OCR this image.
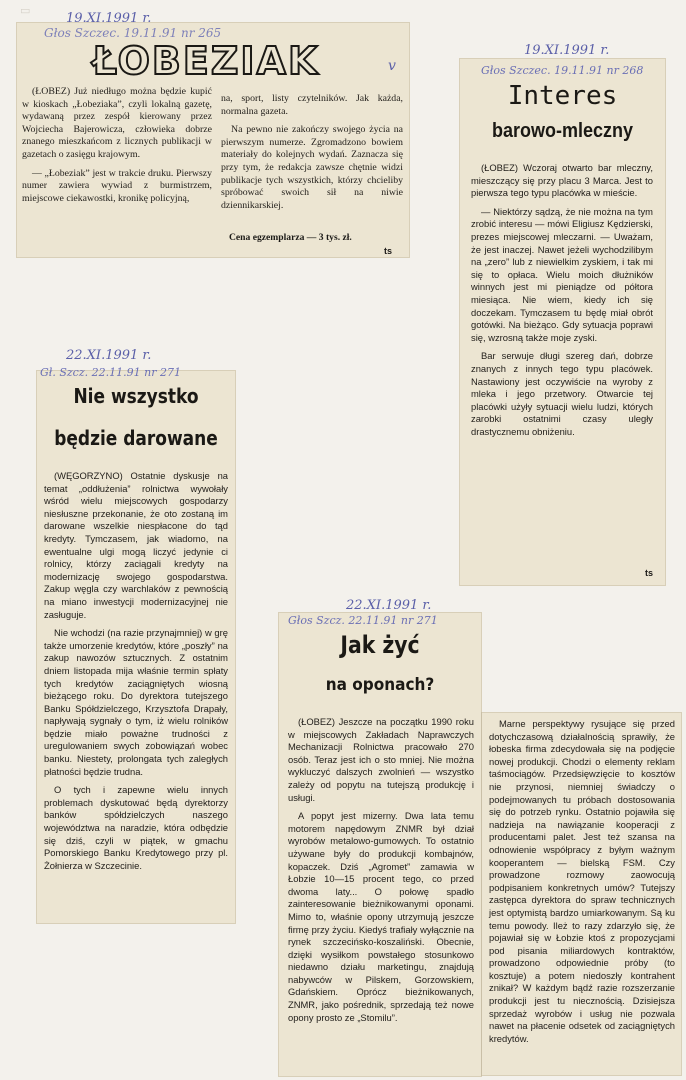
▭
19.XI.1991 r.
Głos Szczec. 19.11.91 nr 265
ŁOBEZIAK	v

(ŁOBEZ) Już niedługo można będzie kupić w kioskach „Łobeziaka”, czyli lokalną gazetę, wydawaną przez zespół kierowany przez Wojciecha Bajerowicza, człowieka dobrze znanego mieszkańcom z licznych publikacji w gazetach o zasięgu krajowym.

— „Łobeziak” jest w trakcie druku. Pierwszy numer zawiera wywiad z burmistrzem, miejscowe ciekawostki, kronikę policyjną,

na, sport, listy czytelników. Jak każda, normalna gazeta.

Na pewno nie zakończy swojego życia na pierwszym numerze. Zgromadzono bowiem materiały do kolejnych wydań. Zaznacza się przy tym, że redakcja zawsze chętnie widzi publikacje tych wszystkich, którzy chcieliby spróbować swoich sił na niwie dziennikarskiej.

Cena egzemplarza — 3 tys. zł.
ts
19.XI.1991 r.
Głos Szczec. 19.11.91 nr 268
Interes
barowo-mleczny

(ŁOBEZ) Wczoraj otwarto bar mleczny, mieszczący się przy placu 3 Marca. Jest to pierwsza tego typu placówka w mieście.

— Niektórzy sądzą, że nie można na tym zrobić interesu — mówi Eligiusz Kędzierski, prezes miejscowej mleczarni. — Uważam, że jest inaczej. Nawet jeżeli wychodzilibym na „zero” lub z niewielkim zyskiem, i tak mi się to opłaca. Wielu moich dłużników winnych jest mi pieniądze od półtora miesiąca. Nie wiem, kiedy ich się doczekam. Tymczasem tu będę miał obrót gotówki. Na bieżąco. Gdy sytuacja poprawi się, wzrosną także moje zyski.

Bar serwuje długi szereg dań, dobrze znanych z innych tego typu placówek. Nastawiony jest oczywiście na wyroby z mleka i jego przetwory. Otwarcie tej placówki użyły sytuacji wielu ludzi, których zarobki ostatnimi czasy uległy drastycznemu obniżeniu.

ts
22.XI.1991 r.
Gł. Szcz. 22.11.91 nr 271
Nie wszystko
będzie darowane

(WĘGORZYNO) Ostatnie dyskusje na temat „oddłużenia” rolnictwa wywołały wśród wielu miejscowych gospodarzy niesłuszne przekonanie, że oto zostaną im darowane wszelkie niespłacone do tąd kredyty. Tymczasem, jak wiadomo, na ewentualne ulgi mogą liczyć jedynie ci rolnicy, którzy zaciągali kredyty na modernizację swojego gospodarstwa. Zakup węgla czy warchlaków z pewnością na miano inwestycji modernizacyjnej nie zasługuje.

Nie wchodzi (na razie przynajmniej) w grę także umorzenie kredytów, które „poszły” na zakup nawozów sztucznych. Z ostatnim dniem listopada mija właśnie termin spłaty tych kredytów zaciągniętych wiosną bieżącego roku. Do dyrektora tutejszego Banku Spółdzielczego, Krzysztofa Drapały, napływają sygnały o tym, iż wielu rolników będzie miało poważne trudności z uregulowaniem swych zobowiązań wobec banku. Niestety, prolongata tych zaległych płatności będzie trudna.

O tych i zapewne wielu innych problemach dyskutować będą dyrektorzy banków spółdzielczych naszego województwa na naradzie, która odbędzie się dziś, czyli w piątek, w gmachu Pomorskiego Banku Kredytowego przy pl. Żołnierza w Szczecinie.

22.XI.1991 r.
Głos Szcz. 22.11.91 nr 271
Jak żyć
na oponach?

(ŁOBEZ) Jeszcze na początku 1990 roku w miejscowych Zakładach Naprawczych Mechanizacji Rolnictwa pracowało 270 osób. Teraz jest ich o sto mniej. Nie można wykluczyć dalszych zwolnień — wszystko zależy od popytu na tutejszą produkcję i usługi.

A popyt jest mizerny. Dwa lata temu motorem napędowym ZNMR był dział wyrobów metalowo-gumowych. To ostatnio używane były do produkcji kombajnów, kopaczek. Dziś „Agromet” zamawia w Łobzie 10—15 procent tego, co przed dwoma laty... O połowę spadło zainteresowanie bieżnikowanymi oponami. Mimo to, właśnie opony utrzymują jeszcze firmę przy życiu. Kiedyś trafiały wyłącznie na rynek szczecińsko-koszaliński. Obecnie, dzięki wysiłkom powstałego stosunkowo niedawno działu marketingu, znajdują nabywców w Pilskem, Gorzowskiem, Gdańskiem. Oprócz bieżnikowanych, ZNMR, jako pośrednik, sprzedają też nowe opony prosto ze „Stomilu”.

Marne perspektywy rysujące się przed dotychczasową działalnością sprawiły, że łobeska firma zdecydowała się na podjęcie nowej produkcji. Chodzi o elementy reklam taśmociągów. Przedsięwzięcie to kosztów nie przynosi, niemniej świadczy o podejmowanych tu próbach dostosowania się do potrzeb rynku. Ostatnio pojawiła się nadzieja na nawiązanie kooperacji z producentami palet. Jest też szansa na odnowienie współpracy z byłym ważnym kooperantem — bielską FSM. Czy prowadzone rozmowy zaowocują podpisaniem konkretnych umów? Tutejszy zastępca dyrektora do spraw technicznych jest optymistą bardzo umiarkowanym. Są ku temu powody. Ileż to razy zdarzyło się, że pojawiał się w Łobzie ktoś z propozycjami pod pisania miliardowych kontraktów, prowadzono odpowiednie próby (to kosztuje) a potem niedoszły kontrahent znikał? W każdym bądź razie rozszerzanie produkcji jest tu niecznością. Dzisiejsza sprzedaż wyrobów i usług nie pozwala nawet na płacenie odsetek od zaciągniętych kredytów.
